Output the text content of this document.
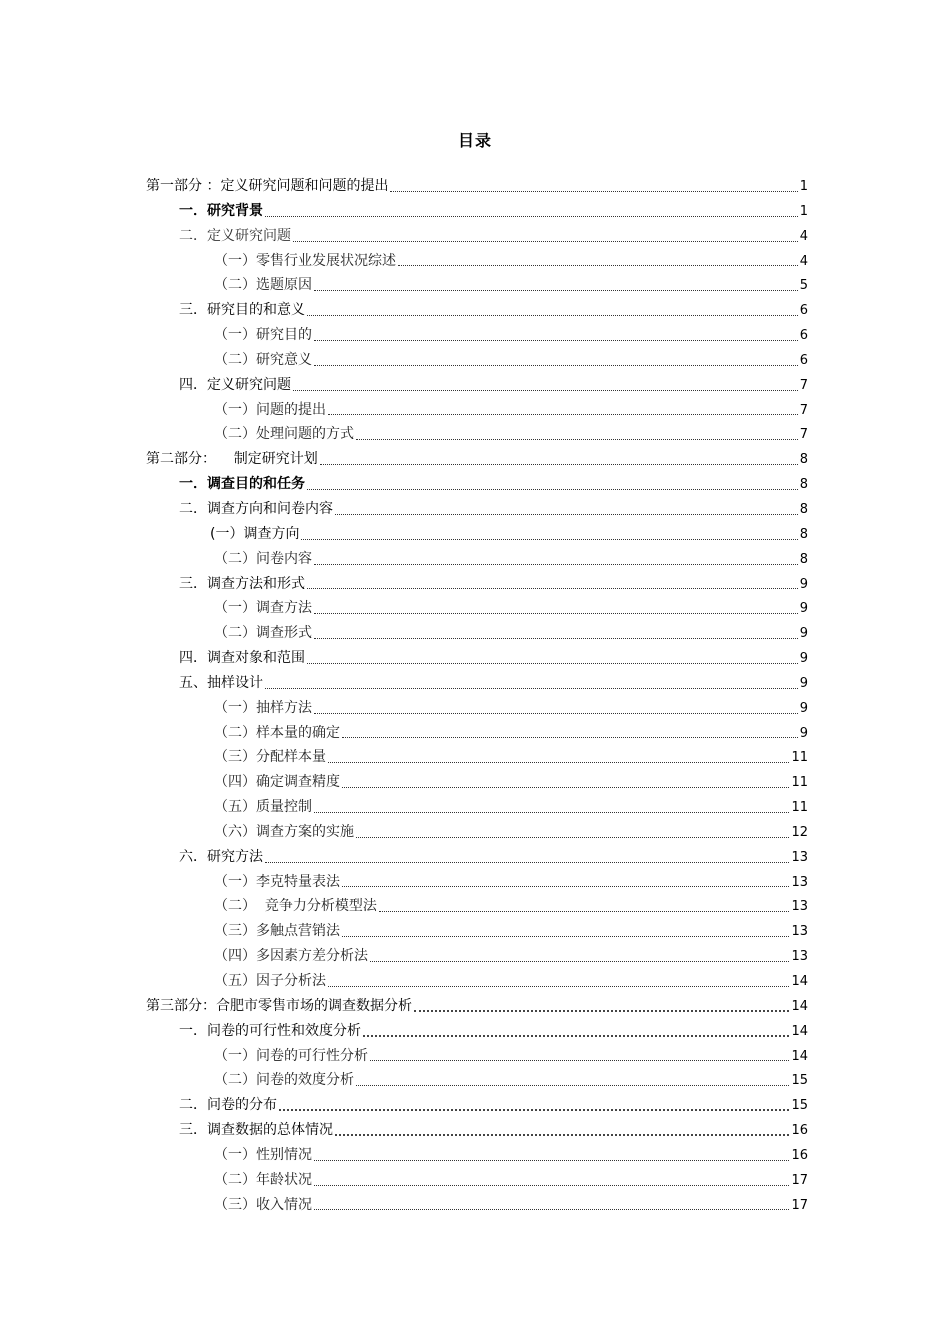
目录
第一部分 ：定义研究问题和问题的提出	1
一．研究背景	1
二．定义研究问题	4
（一）零售行业发展状况综述	4
（二）选题原因	5
三．研究目的和意义	6
（一）研究目的	6
（二）研究意义	6
四．定义研究问题	7
（一）问题的提出	7
（二）处理问题的方式	7
第二部分：    制定研究计划	8
一．调查目的和任务	8
二．调查方向和问卷内容	8
(一）调查方向	8
（二）问卷内容	8
三．调查方法和形式	9
（一）调查方法	9
（二）调查形式	9
四．调查对象和范围	9
五、抽样设计	9
（一）抽样方法	9
（二）样本量的确定	9
（三）分配样本量	11
（四）确定调查精度	11
（五）质量控制	11
（六）调查方案的实施	12
六．研究方法	13
（一）李克特量表法	13
（二）  竞争力分析模型法	13
（三）多触点营销法	13
（四）多因素方差分析法	13
（五）因子分析法	14
第三部分：合肥市零售市场的调查数据分析	14
一．问卷的可行性和效度分析	14
（一）问卷的可行性分析	14
（二）问卷的效度分析	15
二．问卷的分布	15
三．调查数据的总体情况	16
（一）性别情况	16
（二）年龄状况	17
（三）收入情况	17
